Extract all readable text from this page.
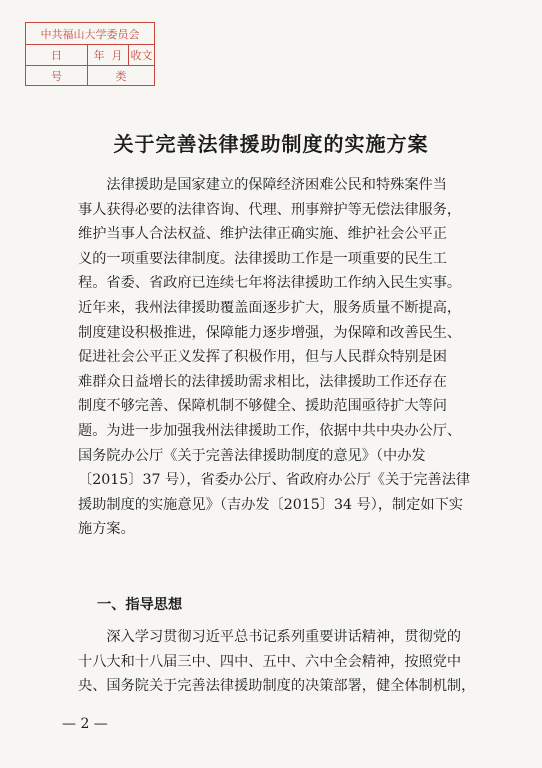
中共福山大学委员会
日	年
月 收文
号	类
关于完善法律援助制度的实施方案
　　法律援助是国家建立的保障经济困难公民和特殊案件当
事人获得必要的法律咨询、代理、刑事辩护等无偿法律服务，
维护当事人合法权益、维护法律正确实施、维护社会公平正
义的一项重要法律制度。法律援助工作是一项重要的民生工
程。省委、省政府已连续七年将法律援助工作纳入民生实事。
近年来，我州法律援助覆盖面逐步扩大，服务质量不断提高，
制度建设积极推进，保障能力逐步增强，为保障和改善民生、
促进社会公平正义发挥了积极作用，但与人民群众特别是困
难群众日益增长的法律援助需求相比，法律援助工作还存在
制度不够完善、保障机制不够健全、援助范围亟待扩大等问
题。为进一步加强我州法律援助工作，依据中共中央办公厅、
国务院办公厅《关于完善法律援助制度的意见》（中办发
〔2015〕37 号），省委办公厅、省政府办公厅《关于完善法律
援助制度的实施意见》（吉办发〔2015〕34 号），制定如下实
施方案。
一、指导思想
　　深入学习贯彻习近平总书记系列重要讲话精神，贯彻党的
十八大和十八届三中、四中、五中、六中全会精神，按照党中
央、国务院关于完善法律援助制度的决策部署，健全体制机制，
— 2 —
